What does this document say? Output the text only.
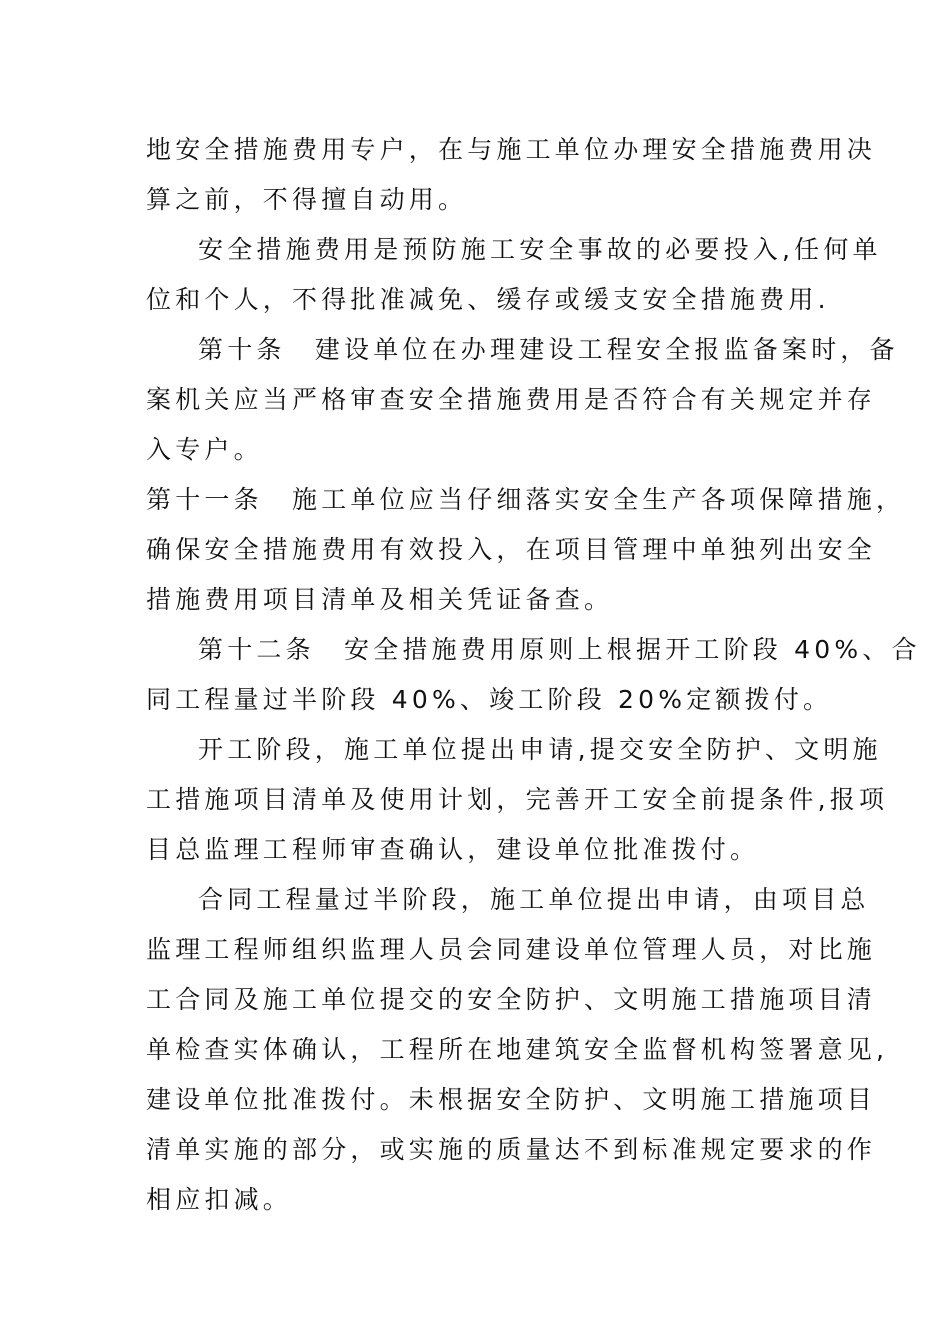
地安全措施费用专户，在与施工单位办理安全措施费用决
算之前，不得擅自动用。
安全措施费用是预防施工安全事故的必要投入,任何单
位和个人，不得批准减免、缓存或缓支安全措施费用.
第十条　建设单位在办理建设工程安全报监备案时，备
案机关应当严格审查安全措施费用是否符合有关规定并存
入专户。
第十一条　施工单位应当仔细落实安全生产各项保障措施，
确保安全措施费用有效投入，在项目管理中单独列出安全
措施费用项目清单及相关凭证备查。
第十二条　安全措施费用原则上根据开工阶段 40%、合
同工程量过半阶段 40%、竣工阶段 20%定额拨付。
开工阶段，施工单位提出申请,提交安全防护、文明施
工措施项目清单及使用计划，完善开工安全前提条件,报项
目总监理工程师审查确认，建设单位批准拨付。
合同工程量过半阶段，施工单位提出申请，由项目总
监理工程师组织监理人员会同建设单位管理人员，对比施
工合同及施工单位提交的安全防护、文明施工措施项目清
单检查实体确认，工程所在地建筑安全监督机构签署意见,
建设单位批准拨付。未根据安全防护、文明施工措施项目
清单实施的部分，或实施的质量达不到标准规定要求的作
相应扣减。
